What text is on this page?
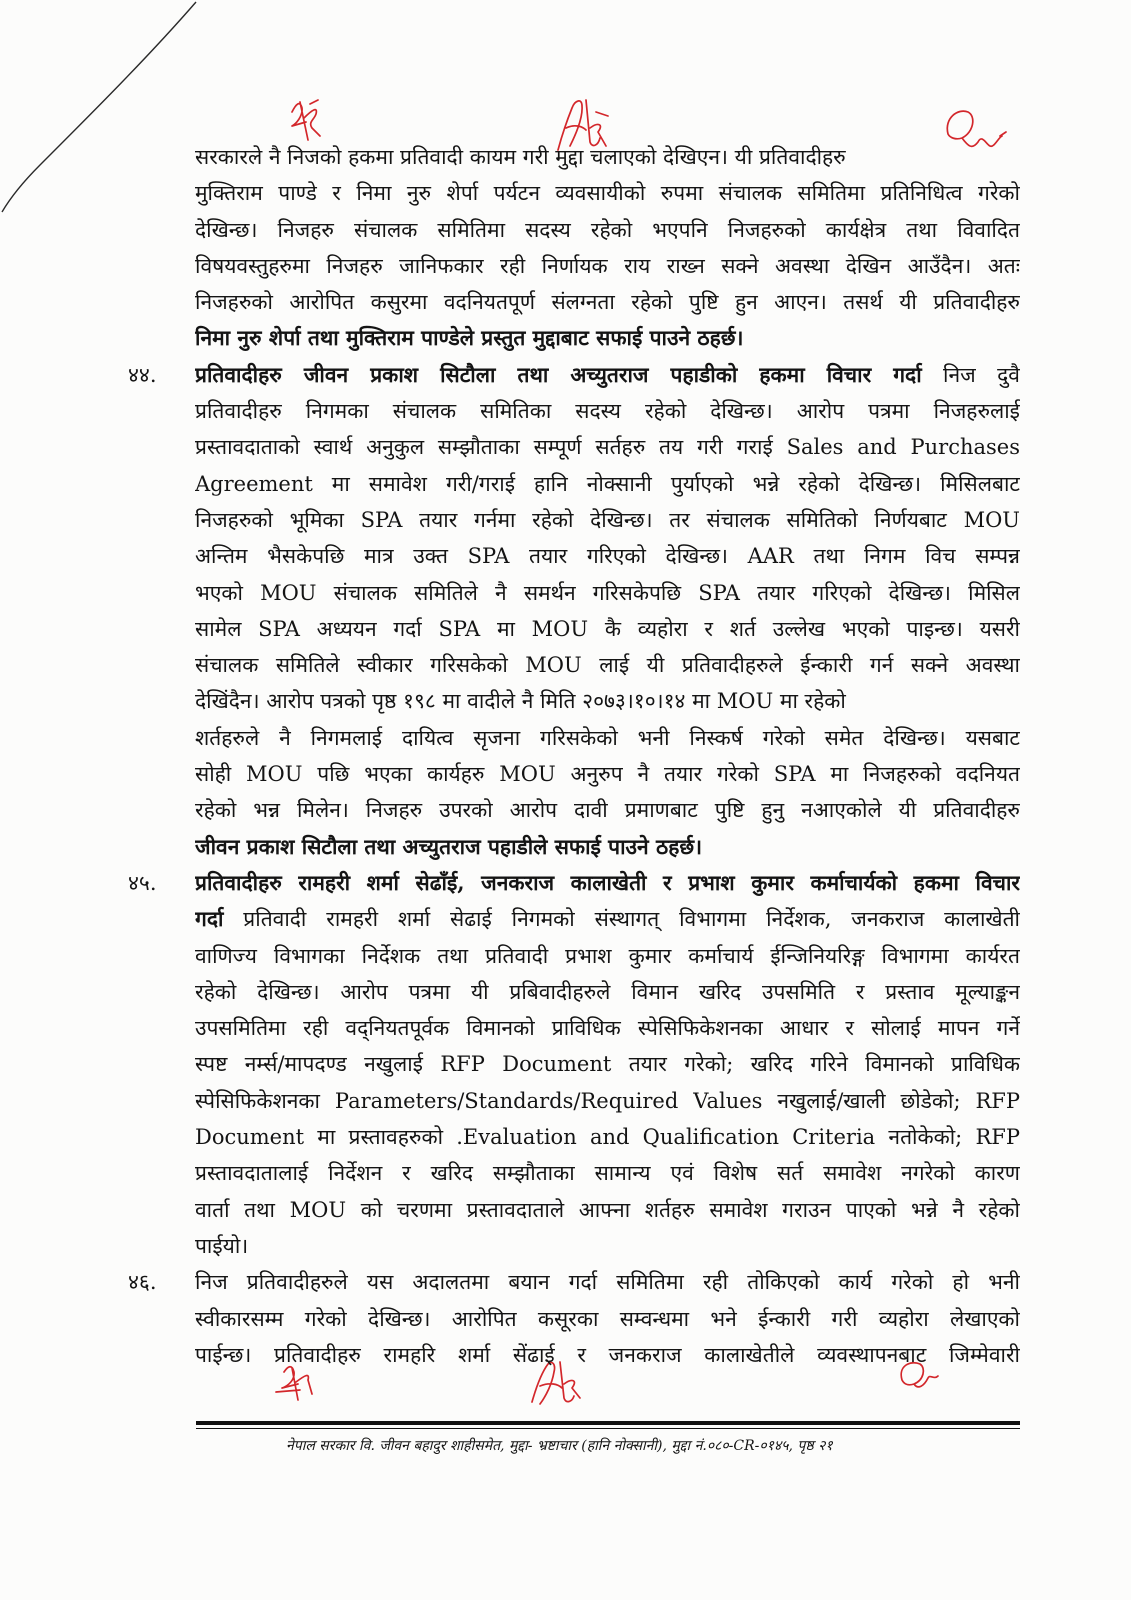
सरकारले नै निजको हकमा प्रतिवादी कायम गरी मुद्दा चलाएको देखिएन। यी प्रतिवादीहरु
मुक्तिराम पाण्डे र निमा नुरु शेर्पा पर्यटन व्यवसायीको रुपमा संचालक समितिमा प्रतिनिधित्व गरेको
देखिन्छ। निजहरु संचालक समितिमा सदस्य रहेको भएपनि निजहरुको कार्यक्षेत्र तथा विवादित
विषयवस्तुहरुमा निजहरु जानिफकार रही निर्णायक राय राख्न सक्ने अवस्था देखिन आउँदैन। अतः
निजहरुको आरोपित कसुरमा वदनियतपूर्ण संलग्नता रहेको पुष्टि हुन आएन। तसर्थ यी प्रतिवादीहरु
निमा नुरु शेर्पा तथा मुक्तिराम पाण्डेले प्रस्तुत मुद्दाबाट सफाई पाउने ठहर्छ।
४४.	प्रतिवादीहरु जीवन प्रकाश सिटौला तथा अच्युतराज पहाडीको हकमा विचार गर्दा निज दुवै
प्रतिवादीहरु निगमका संचालक समितिका सदस्य रहेको देखिन्छ। आरोप पत्रमा निजहरुलाई
प्रस्तावदाताको स्वार्थ अनुकुल सम्झौताका सम्पूर्ण सर्तहरु तय गरी गराई Sales and Purchases
Agreement मा समावेश गरी/गराई हानि नोक्सानी पुर्याएको भन्ने रहेको देखिन्छ। मिसिलबाट
निजहरुको भूमिका SPA तयार गर्नमा रहेको देखिन्छ। तर संचालक समितिको निर्णयबाट MOU
अन्तिम भैसकेपछि मात्र उक्त SPA तयार गरिएको देखिन्छ। AAR तथा निगम विच सम्पन्न
भएको MOU संचालक समितिले नै समर्थन गरिसकेपछि SPA तयार गरिएको देखिन्छ। मिसिल
सामेल SPA अध्ययन गर्दा SPA मा MOU कै व्यहोरा र शर्त उल्लेख भएको पाइन्छ। यसरी
संचालक समितिले स्वीकार गरिसकेको MOU लाई यी प्रतिवादीहरुले ईन्कारी गर्न सक्ने अवस्था
देखिंदैन। आरोप पत्रको पृष्ठ १९८ मा वादीले नै मिति २०७३।१०।१४ मा MOU मा रहेको
शर्तहरुले नै निगमलाई दायित्व सृजना गरिसकेको भनी निस्कर्ष गरेको समेत देखिन्छ। यसबाट
सोही MOU पछि भएका कार्यहरु MOU अनुरुप नै तयार गरेको SPA मा निजहरुको वदनियत
रहेको भन्न मिलेन। निजहरु उपरको आरोप दावी प्रमाणबाट पुष्टि हुनु नआएकोले यी प्रतिवादीहरु
जीवन प्रकाश सिटौला तथा अच्युतराज पहाडीले सफाई पाउने ठहर्छ।
४५.	प्रतिवादीहरु रामहरी शर्मा सेढाँई, जनकराज कालाखेती र प्रभाश कुमार कर्माचार्यको हकमा विचार
गर्दा प्रतिवादी रामहरी शर्मा सेढाई निगमको संस्थागत् विभागमा निर्देशक, जनकराज कालाखेती
वाणिज्य विभागका निर्देशक तथा प्रतिवादी प्रभाश कुमार कर्माचार्य ईन्जिनियरिङ्ग विभागमा कार्यरत
रहेको देखिन्छ। आरोप पत्रमा यी प्रबिवादीहरुले विमान खरिद उपसमिति र प्रस्ताव मूल्याङ्कन
उपसमितिमा रही वद्नियतपूर्वक विमानको प्राविधिक स्पेसिफिकेशनका आधार र सोलाई मापन गर्ने
स्पष्ट नर्म्स/मापदण्ड नखुलाई RFP Document तयार गरेको; खरिद गरिने विमानको प्राविधिक
स्पेसिफिकेशनका Parameters/Standards/Required Values नखुलाई/खाली छोडेको; RFP
Document मा प्रस्तावहरुको .Evaluation and Qualification Criteria नतोकेको; RFP
प्रस्तावदातालाई निर्देशन र खरिद सम्झौताका सामान्य एवं विशेष सर्त समावेश नगरेको कारण
वार्ता तथा MOU को चरणमा प्रस्तावदाताले आफ्ना शर्तहरु समावेश गराउन पाएको भन्ने नै रहेको
पाईयो।
४६.	निज प्रतिवादीहरुले यस अदालतमा बयान गर्दा समितिमा रही तोकिएको कार्य गरेको हो भनी
स्वीकारसम्म गरेको देखिन्छ। आरोपित कसूरका सम्वन्धमा भने ईन्कारी गरी व्यहोरा लेखाएको
पाईन्छ। प्रतिवादीहरु रामहरि शर्मा सेंढाई र जनकराज कालाखेतीले व्यवस्थापनबाट जिम्मेवारी
नेपाल सरकार वि. जीवन बहादुर शाहीसमेत, मुद्दा- भ्रष्टाचार (हानि नोक्सानी), मुद्दा नं.०८०-CR-०१४५, पृष्ठ २१
